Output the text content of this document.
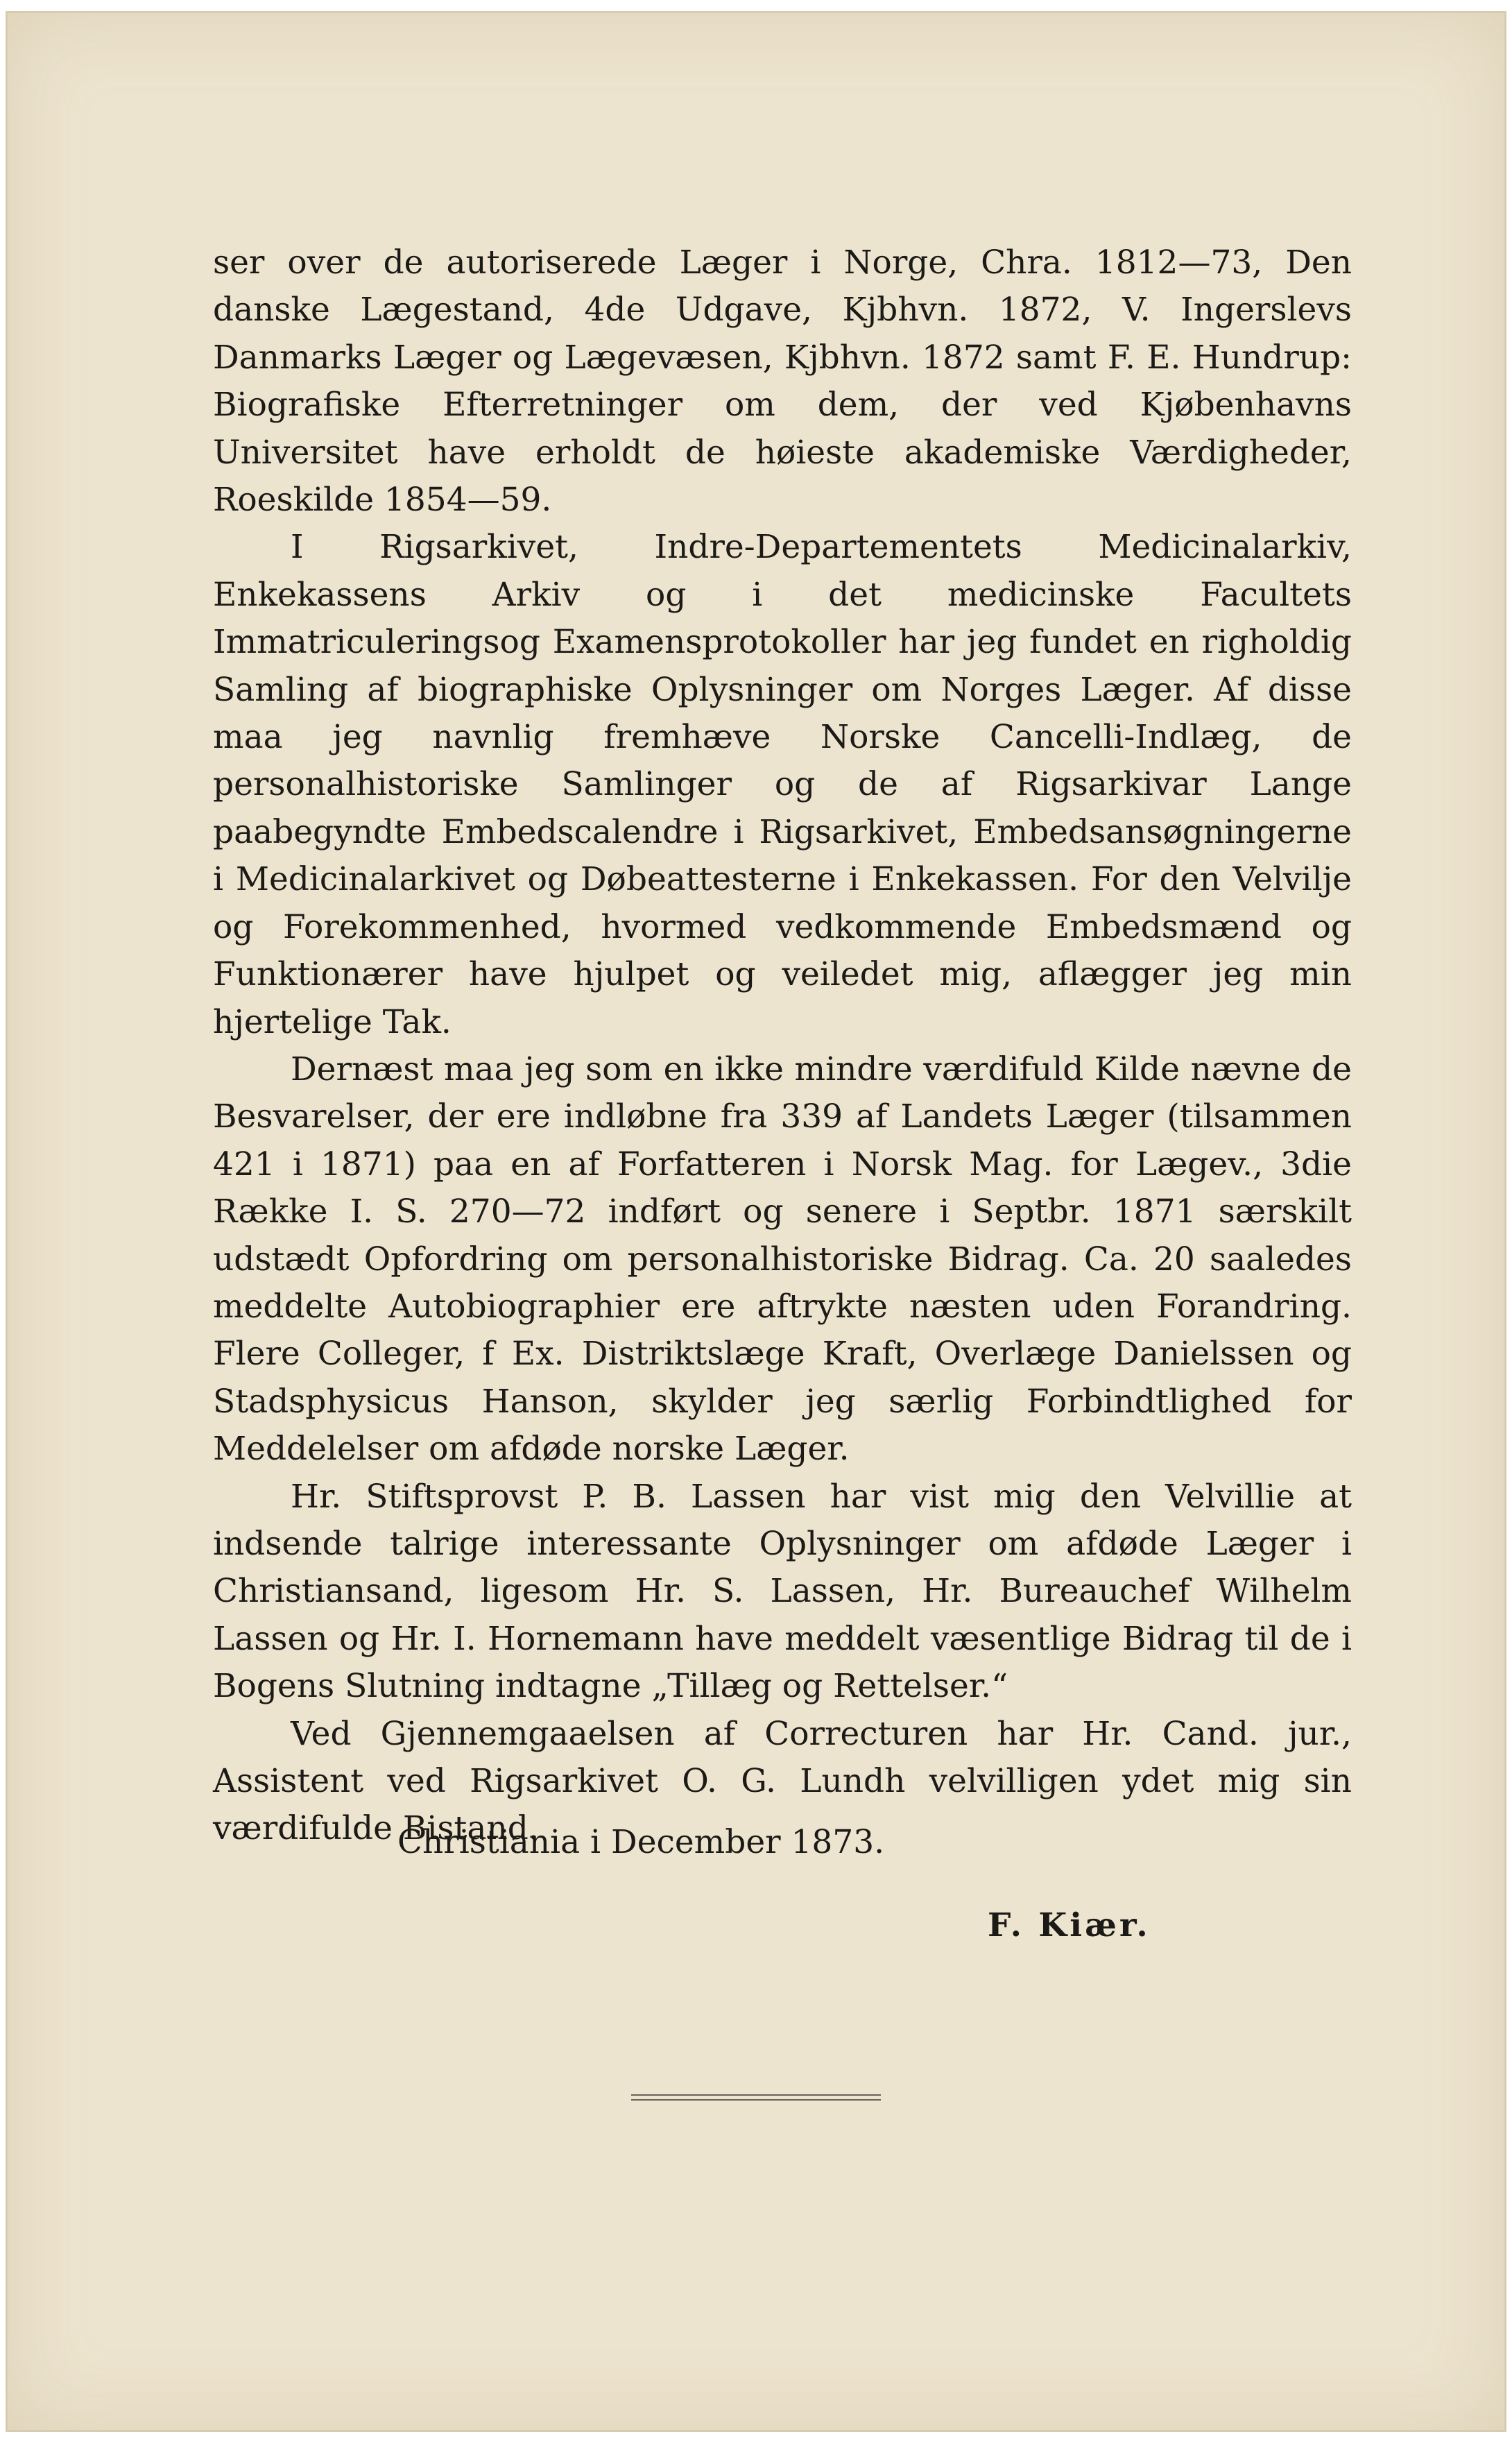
ser over de autoriserede Læger i Norge, Chra. 1812—73, Den danske Lægestand, 4de Udgave, Kjbhvn. 1872, V. Ingerslevs Danmarks Læger og Lægevæsen, Kjbhvn. 1872 samt F. E. Hundrup: Biografiske Efterretninger om dem, der ved Kjøbenhavns Universitet have erholdt de høieste akademiske Værdigheder, Roeskilde 1854—59.

I Rigsarkivet, Indre-Departementets Medicinalarkiv, Enkekassens Arkiv og i det medicinske Facultets Immatriculeringsog Examensprotokoller har jeg fundet en righoldig Samling af biographiske Oplysninger om Norges Læger. Af disse maa jeg navnlig fremhæve Norske Cancelli-Indlæg, de personalhistoriske Samlinger og de af Rigsarkivar Lange paabegyndte Embedscalendre i Rigsarkivet, Embedsansøgningerne i Medicinalarkivet og Døbeattesterne i Enkekassen. For den Velvilje og Forekommenhed, hvormed vedkommende Embedsmænd og Funktionærer have hjulpet og veiledet mig, aflægger jeg min hjertelige Tak.

Dernæst maa jeg som en ikke mindre værdifuld Kilde nævne de Besvarelser, der ere indløbne fra 339 af Landets Læger (tilsammen 421 i 1871) paa en af Forfatteren i Norsk Mag. for Lægev., 3die Række I. S. 270—72 indført og senere i Septbr. 1871 særskilt udstædt Opfordring om personalhistoriske Bidrag. Ca. 20 saaledes meddelte Autobiographier ere aftrykte næsten uden Forandring. Flere Colleger, f Ex. Distriktslæge Kraft, Overlæge Danielssen og Stadsphysicus Hanson, skylder jeg særlig Forbindtlighed for Meddelelser om afdøde norske Læger.

Hr. Stiftsprovst P. B. Lassen har vist mig den Velvillie at indsende talrige interessante Oplysninger om afdøde Læger i Christiansand, ligesom Hr. S. Lassen, Hr. Bureauchef Wilhelm Lassen og Hr. I. Hornemann have meddelt væsentlige Bidrag til de i Bogens Slutning indtagne „Tillæg og Rettelser.“

Ved Gjennemgaaelsen af Correcturen har Hr. Cand. jur., Assistent ved Rigsarkivet O. G. Lundh velvilligen ydet mig sin værdifulde Bistand.

Christiania i December 1873.
F. Kiær.
